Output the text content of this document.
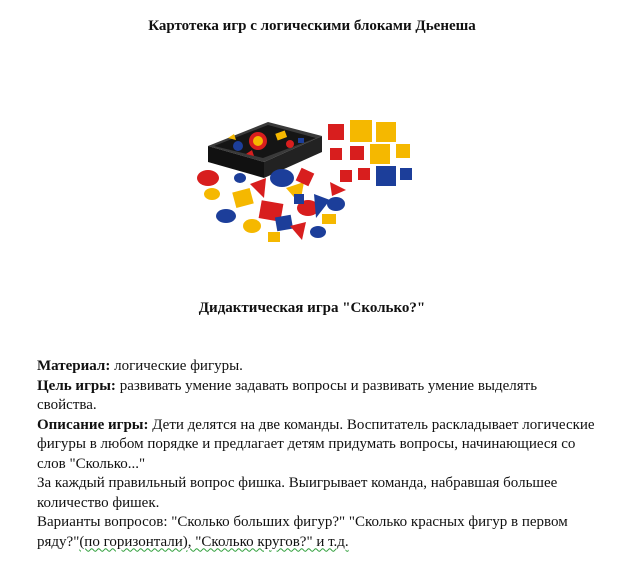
Картотека игр с логическими блоками Дьенеша
Дидактическая игра "Сколько?"

Материал: логические фигуры.

Цель игры: развивать умение задавать вопросы и развивать умение выделять свойства.

Описание игры: Дети делятся на две команды. Воспитатель раскладывает логические фигуры в любом порядке и предлагает детям придумать вопросы, начинающиеся со слов "Сколько..."

За каждый правильный вопрос фишка. Выигрывает команда, набравшая большее количество фишек.

Варианты вопросов: "Сколько больших фигур?" "Сколько красных фигур в первом ряду?"(по горизонтали), "Сколько кругов?" и т.д.
